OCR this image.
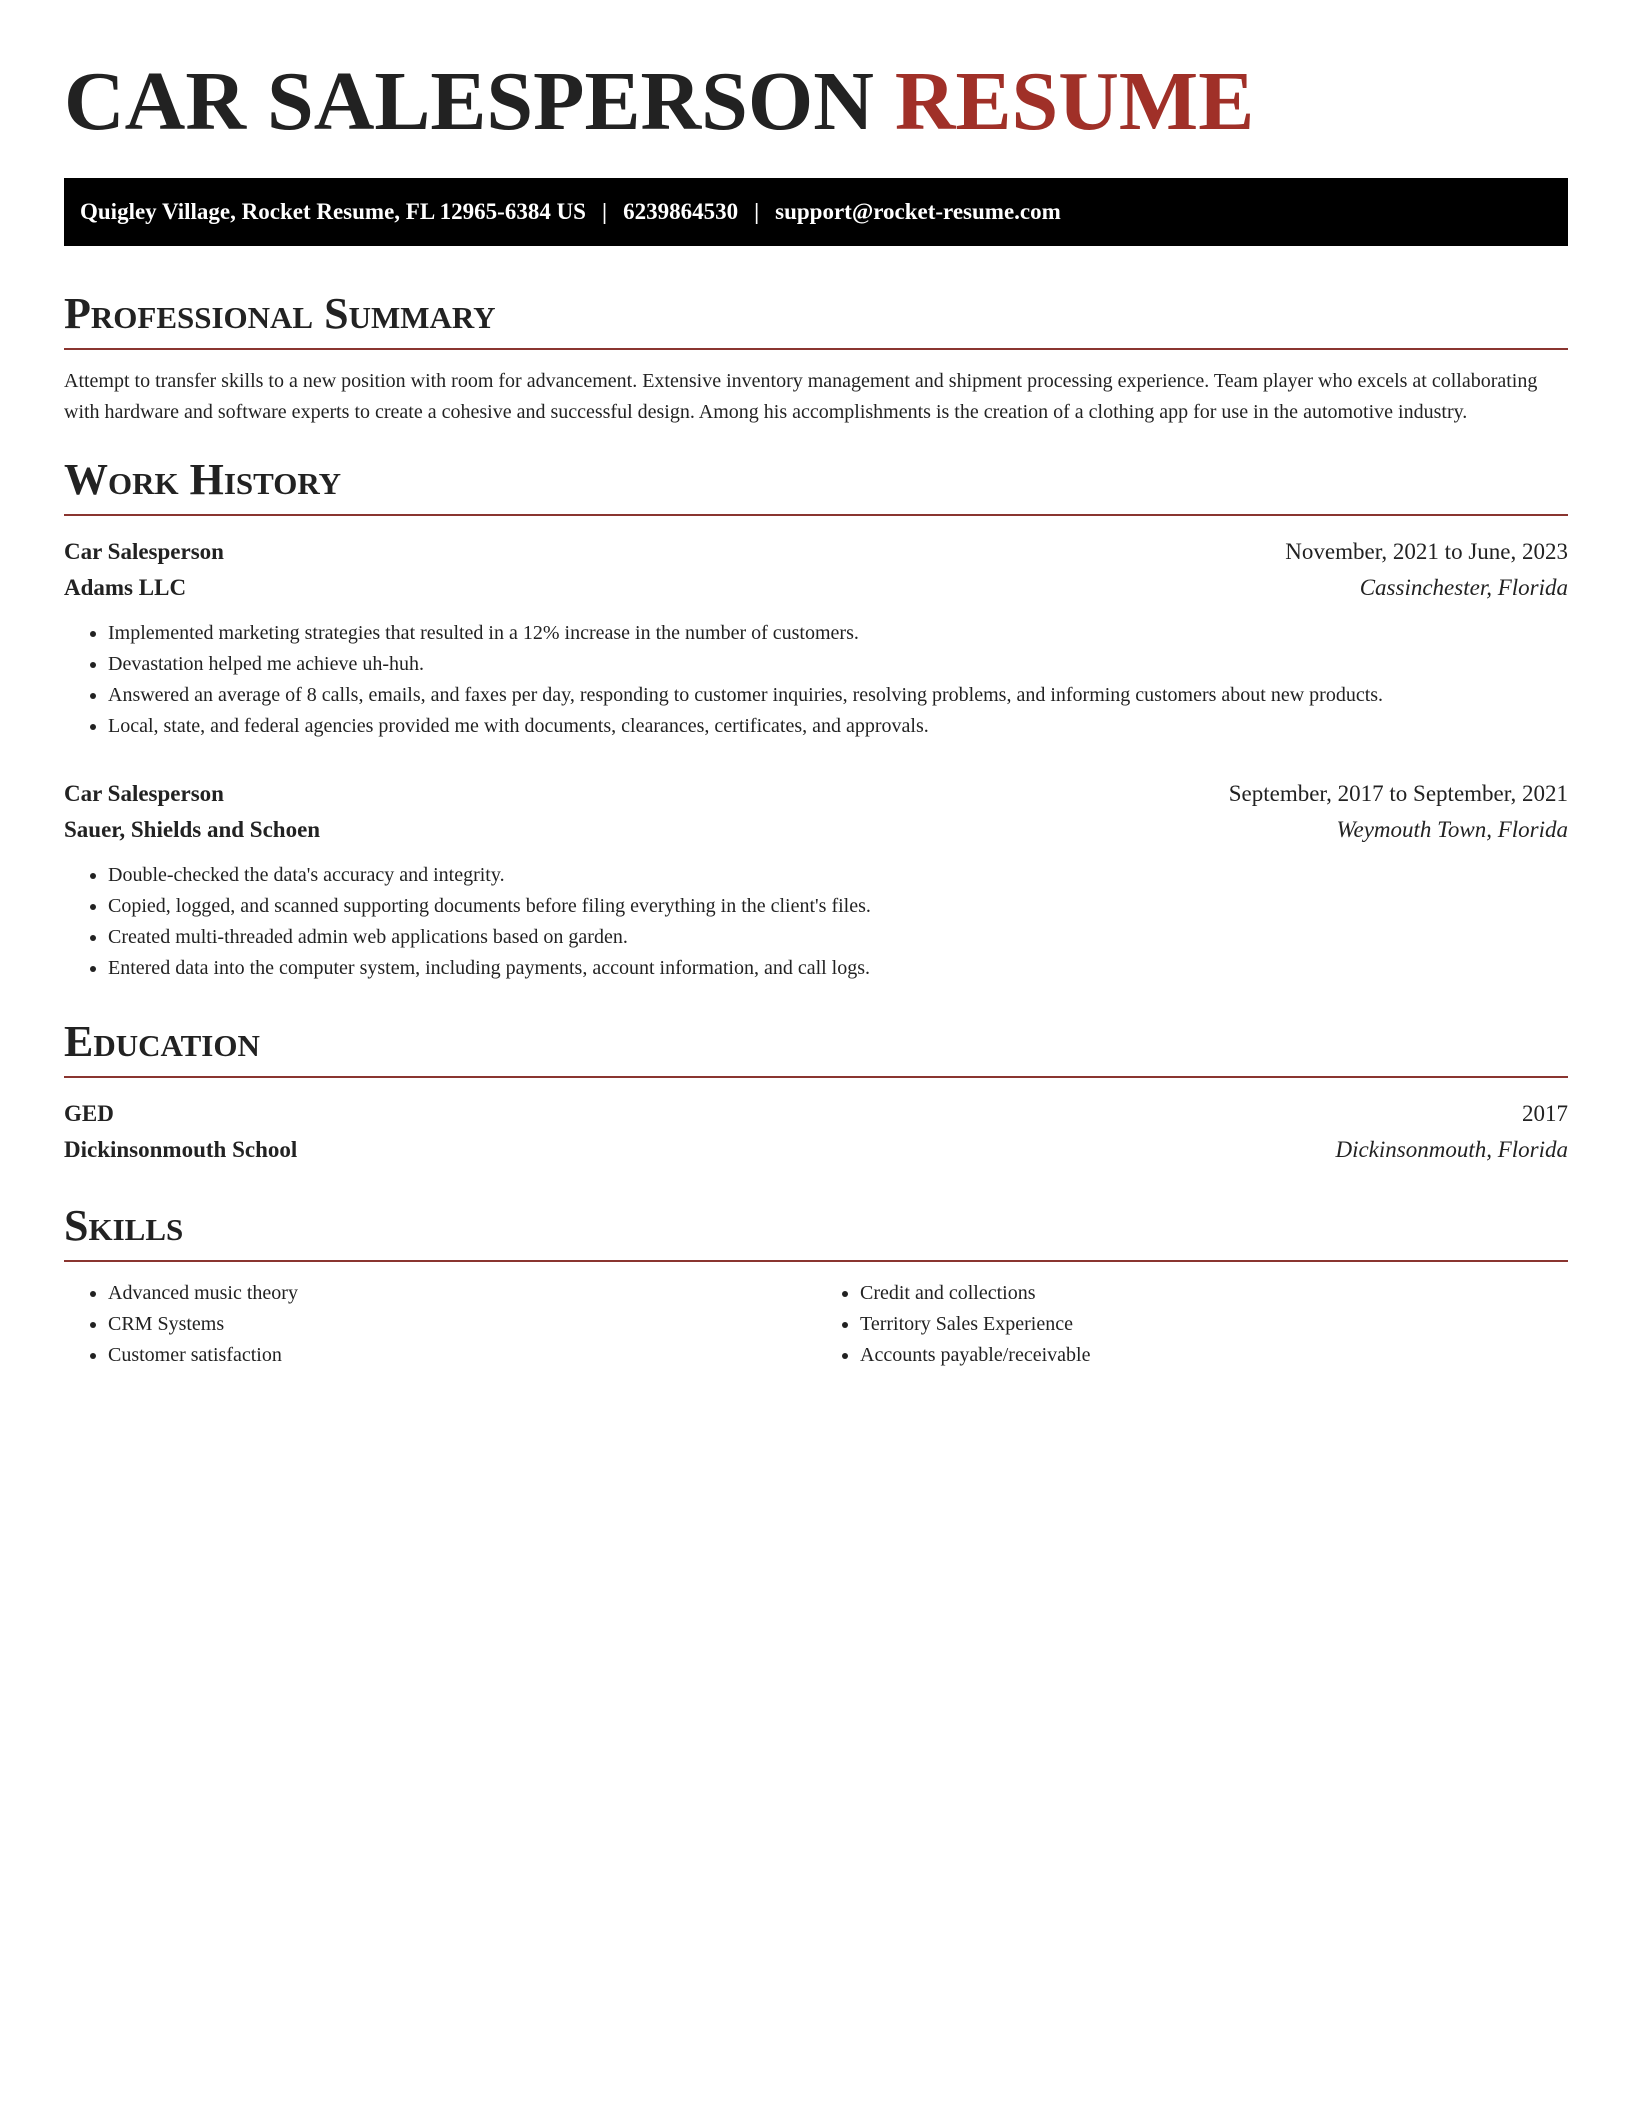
CAR SALESPERSON RESUME
Quigley Village, Rocket Resume, FL 12965-6384 US | 6239864530 | support@rocket-resume.com
Professional Summary

Attempt to transfer skills to a new position with room for advancement. Extensive inventory management and shipment processing experience. Team player who excels at collaborating with hardware and software experts to create a cohesive and successful design. Among his accomplishments is the creation of a clothing app for use in the automotive industry.

Work History
Car Salesperson	November, 2021 to June, 2023
Adams LLC	Cassinchester, Florida
• Implemented marketing strategies that resulted in a 12% increase in the number of customers.
• Devastation helped me achieve uh-huh.
• Answered an average of 8 calls, emails, and faxes per day, responding to customer inquiries, resolving problems, and informing customers about new products.
• Local, state, and federal agencies provided me with documents, clearances, certificates, and approvals.
Car Salesperson	September, 2017 to September, 2021
Sauer, Shields and Schoen	Weymouth Town, Florida
• Double-checked the data's accuracy and integrity.
• Copied, logged, and scanned supporting documents before filing everything in the client's files.
• Created multi-threaded admin web applications based on garden.
• Entered data into the computer system, including payments, account information, and call logs.
Education
GED	2017
Dickinsonmouth School	Dickinsonmouth, Florida
Skills
• Advanced music theory
• CRM Systems
• Customer satisfaction
• Credit and collections
• Territory Sales Experience
• Accounts payable/receivable
